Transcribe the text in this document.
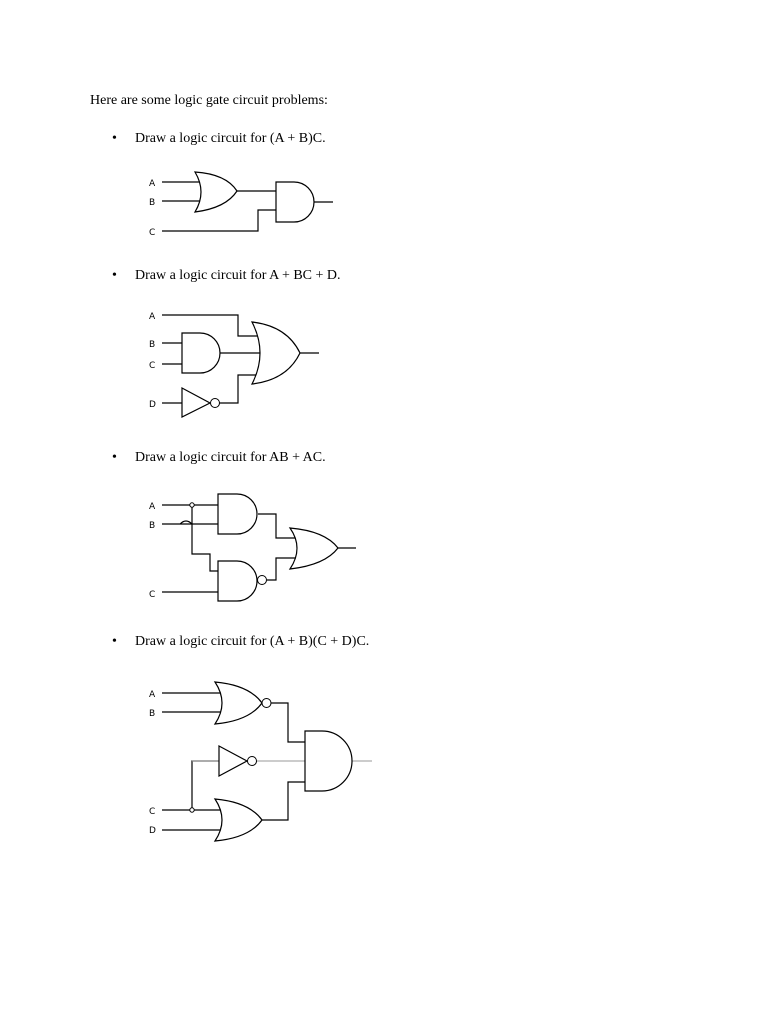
Here are some logic gate circuit problems:

• Draw a logic circuit for (A + B)C.

A
B
C

• Draw a logic circuit for A + BC + D.

A
B
C
D

• Draw a logic circuit for AB + AC.

A
B
C

• Draw a logic circuit for (A + B)(C + D)C.

A
B
C
D
